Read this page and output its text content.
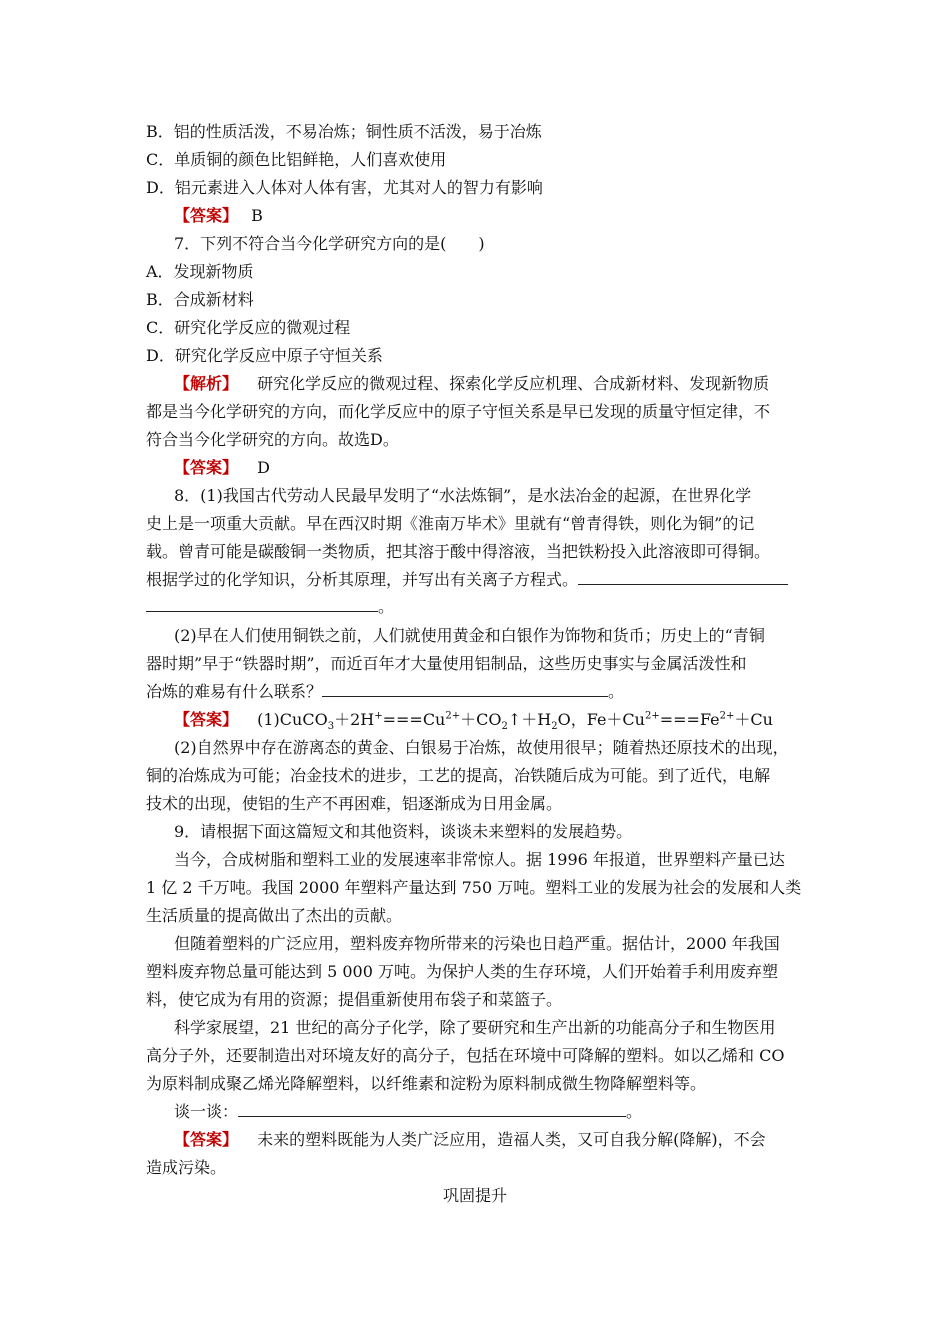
B．铝的性质活泼，不易冶炼；铜性质不活泼，易于冶炼
C．单质铜的颜色比铝鲜艳，人们喜欢使用
D．铝元素进入人体对人体有害，尤其对人的智力有影响
【答案】 B
7．下列不符合当今化学研究方向的是(　　)
A．发现新物质
B．合成新材料
C．研究化学反应的微观过程
D．研究化学反应中原子守恒关系
【解析】 研究化学反应的微观过程、探索化学反应机理、合成新材料、发现新物质
都是当今化学研究的方向，而化学反应中的原子守恒关系是早已发现的质量守恒定律，不
符合当今化学研究的方向。故选D。
【答案】 D
8．(1)我国古代劳动人民最早发明了“水法炼铜”，是水法冶金的起源，在世界化学
史上是一项重大贡献。早在西汉时期《淮南万毕术》里就有“曾青得铁，则化为铜”的记
载。曾青可能是碳酸铜一类物质，把其溶于酸中得溶液，当把铁粉投入此溶液即可得铜。
根据学过的化学知识，分析其原理，并写出有关离子方程式。
。
(2)早在人们使用铜铁之前，人们就使用黄金和白银作为饰物和货币；历史上的“青铜
器时期”早于“铁器时期”，而近百年才大量使用铝制品，这些历史事实与金属活泼性和
冶炼的难易有什么联系？	。
【答案】 $(1)CuCO_3+2H^+===Cu^{2+}+CO_2↑+H_2O$，$Fe+Cu^{2+}===Fe^{2+}+Cu$
(2)自然界中存在游离态的黄金、白银易于冶炼，故使用很早；随着热还原技术的出现，
铜的冶炼成为可能；冶金技术的进步，工艺的提高，冶铁随后成为可能。到了近代，电解
技术的出现，使铝的生产不再困难，铝逐渐成为日用金属。
9．请根据下面这篇短文和其他资料，谈谈未来塑料的发展趋势。
当今，合成树脂和塑料工业的发展速率非常惊人。据 1996 年报道，世界塑料产量已达
1 亿 2 千万吨。我国 2000 年塑料产量达到 750 万吨。塑料工业的发展为社会的发展和人类
生活质量的提高做出了杰出的贡献。
但随着塑料的广泛应用，塑料废弃物所带来的污染也日趋严重。据估计，2000 年我国
塑料废弃物总量可能达到 5 000 万吨。为保护人类的生存环境，人们开始着手利用废弃塑
料，使它成为有用的资源；提倡重新使用布袋子和菜篮子。
科学家展望，21 世纪的高分子化学，除了要研究和生产出新的功能高分子和生物医用
高分子外，还要制造出对环境友好的高分子，包括在环境中可降解的塑料。如以乙烯和 CO
为原料制成聚乙烯光降解塑料，以纤维素和淀粉为原料制成微生物降解塑料等。
谈一谈：	。
【答案】 未来的塑料既能为人类广泛应用，造福人类，又可自我分解(降解)，不会
造成污染。
巩固提升
